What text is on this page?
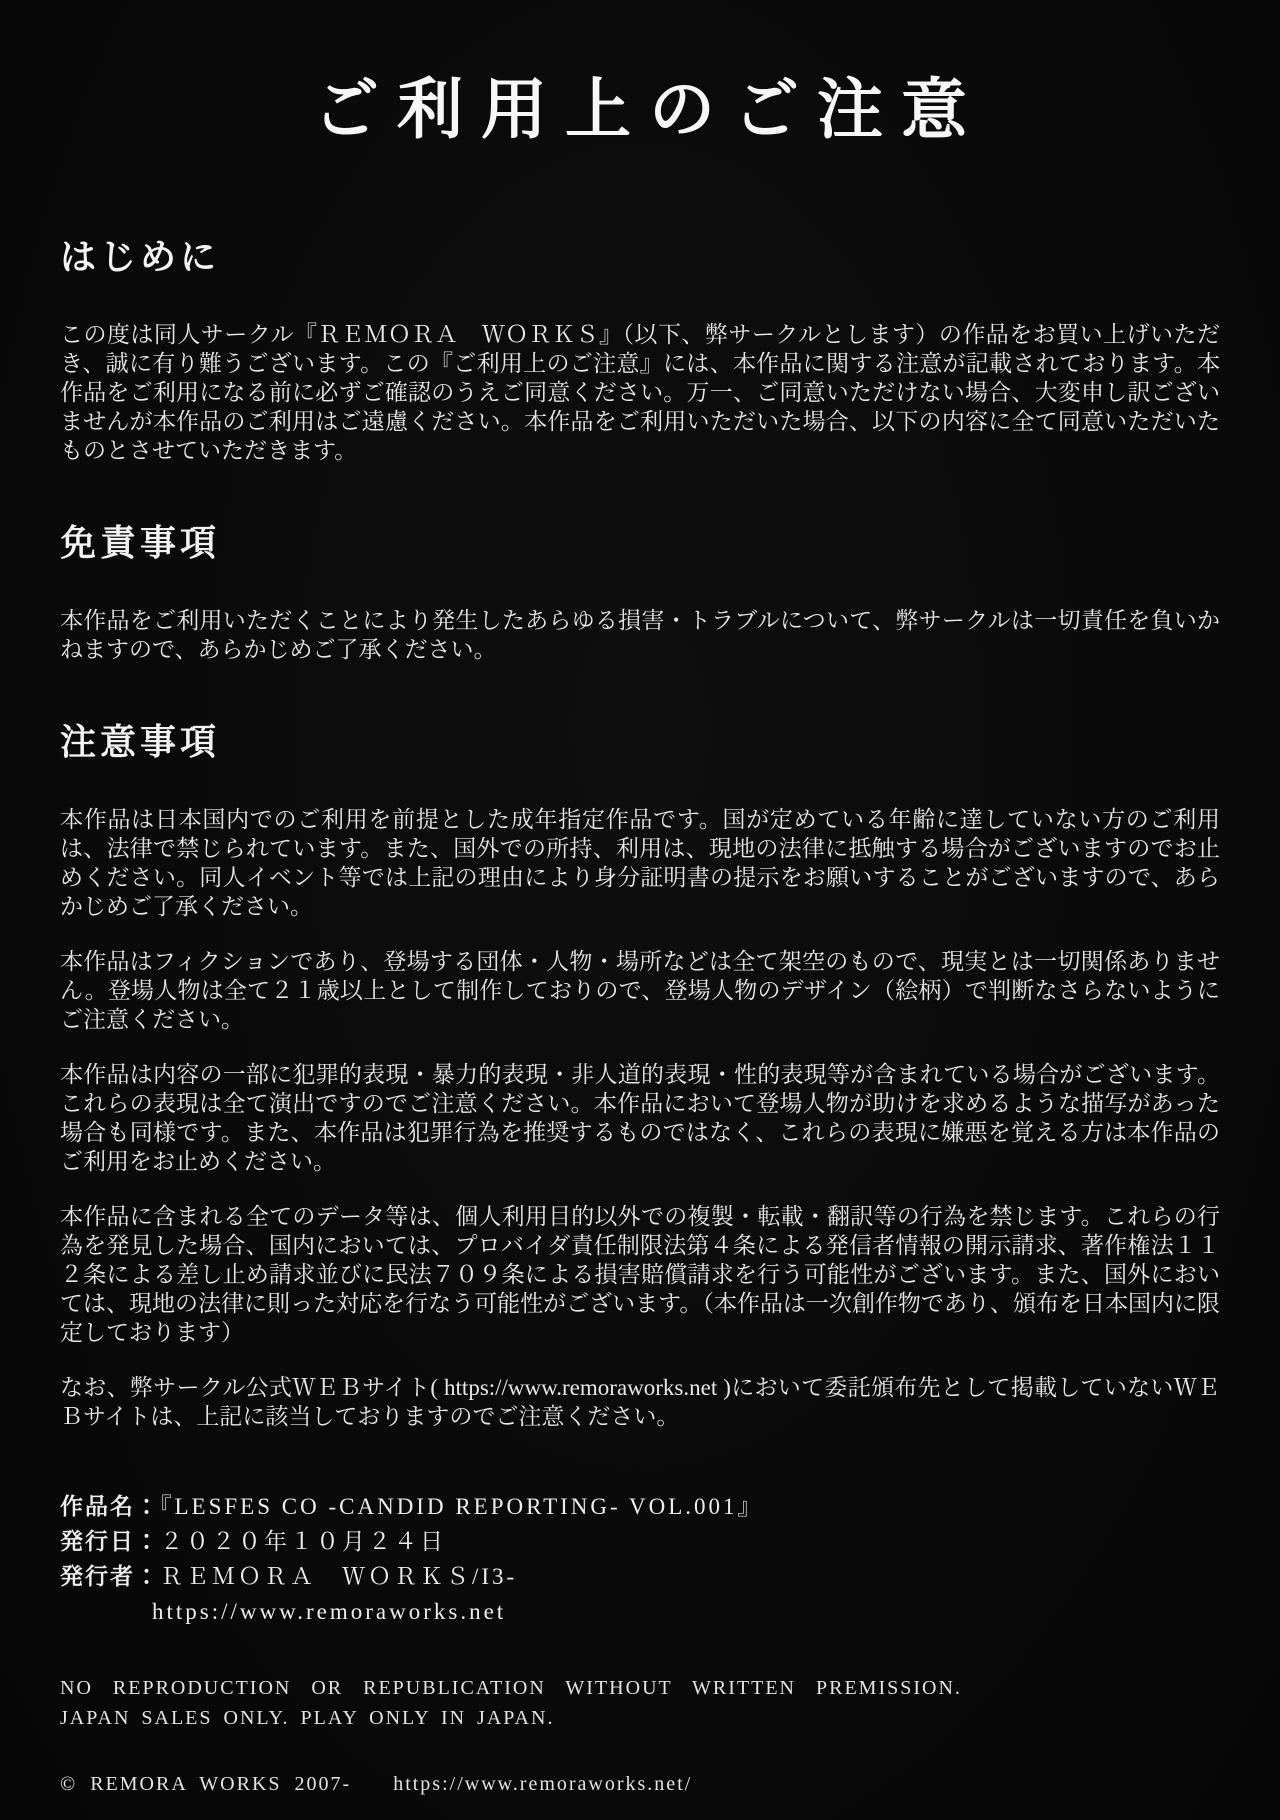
ご利用上のご注意
はじめに

この度は同人サークル『ＲＥＭＯＲＡ　ＷＯＲＫＳ』（以下、弊サークルとします）の作品をお買い上げいただき、誠に有り難うございます。この『ご利用上のご注意』には、本作品に関する注意が記載されております。本作品をご利用になる前に必ずご確認のうえご同意ください。万一、ご同意いただけない場合、大変申し訳ございませんが本作品のご利用はご遠慮ください。本作品をご利用いただいた場合、以下の内容に全て同意いただいたものとさせていただきます。

免責事項

本作品をご利用いただくことにより発生したあらゆる損害・トラブルについて、弊サークルは一切責任を負いかねますので、あらかじめご了承ください。

注意事項

本作品は日本国内でのご利用を前提とした成年指定作品です。国が定めている年齢に達していない方のご利用は、法律で禁じられています。また、国外での所持、利用は、現地の法律に抵触する場合がございますのでお止めください。同人イベント等では上記の理由により身分証明書の提示をお願いすることがございますので、あらかじめご了承ください。

本作品はフィクションであり、登場する団体・人物・場所などは全て架空のもので、現実とは一切関係ありません。登場人物は全て２１歳以上として制作しておりので、登場人物のデザイン（絵柄）で判断なさらないようにご注意ください。

本作品は内容の一部に犯罪的表現・暴力的表現・非人道的表現・性的表現等が含まれている場合がございます。これらの表現は全て演出ですのでご注意ください。本作品において登場人物が助けを求めるような描写があった場合も同様です。また、本作品は犯罪行為を推奨するものではなく、これらの表現に嫌悪を覚える方は本作品のご利用をお止めください。

本作品に含まれる全てのデータ等は、個人利用目的以外での複製・転載・翻訳等の行為を禁じます。これらの行為を発見した場合、国内においては、プロバイダ責任制限法第４条による発信者情報の開示請求、著作権法１１２条による差し止め請求並びに民法７０９条による損害賠償請求を行う可能性がございます。また、国外においては、現地の法律に則った対応を行なう可能性がございます。（本作品は一次創作物であり、頒布を日本国内に限定しております）

なお、弊サークル公式ＷＥＢサイト( https://www.remoraworks.net )において委託頒布先として掲載していないＷＥＢサイトは、上記に該当しておりますのでご注意ください。

作品名：『LESFES CO -CANDID REPORTING- VOL.001』
発行日：２０２０年１０月２４日
発行者：ＲＥＭＯＲＡ　ＷＯＲＫＳ/I3-
https://www.remoraworks.net

NO REPRODUCTION OR REPUBLICATION WITHOUT WRITTEN PREMISSION.

JAPAN SALES ONLY. PLAY ONLY IN JAPAN.

© REMORA WORKS 2007- https://www.remoraworks.net/
